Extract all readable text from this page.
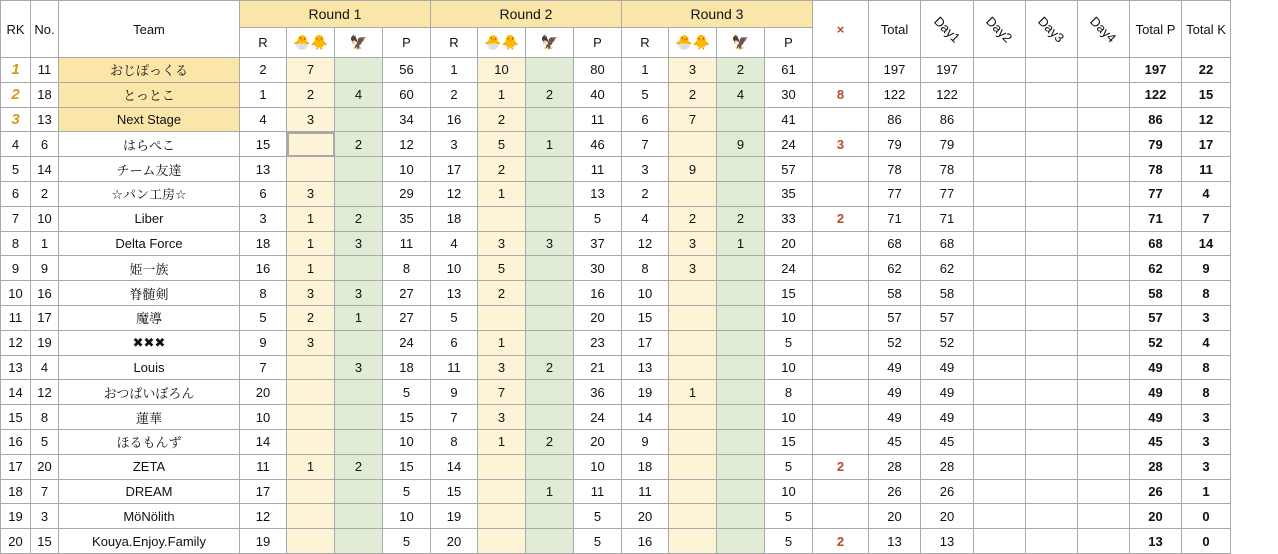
RK	No.	Team	Round 1				Round 2				Round 3				×	Total	Day1	Day2	Day3	Day4	Total P	Total K
			R	🐣🐥	🦅	P	R	🐣🐥	🦅	P	R	🐣🐥	🦅	P								
1	11	おじぽっくる	2	7		56	1	10		80	1	3	2	61		197	197				197	22
2	18	とっとこ	1	2	4	60	2	1	2	40	5	2	4	30	8	122	122				122	15
3	13	Next Stage	4	3		34	16	2		11	6	7		41		86	86				86	12
4	6	はらぺこ	15		2	12	3	5	1	46	7		9	24	3	79	79				79	17
5	14	チーム友達	13			10	17	2		11	3	9		57		78	78				78	11
6	2	☆パン工房☆	6	3		29	12	1		13	2			35		77	77				77	4
7	10	Liber	3	1	2	35	18			5	4	2	2	33	2	71	71				71	7
8	1	Delta Force	18	1	3	11	4	3	3	37	12	3	1	20		68	68				68	14
9	9	姫一族	16	1		8	10	5		30	8	3		24		62	62				62	9
10	16	脊髄剣	8	3	3	27	13	2		16	10			15		58	58				58	8
11	17	魔導	5	2	1	27	5			20	15			10		57	57				57	3
12	19	✖✖✖	9	3		24	6	1		23	17			5		52	52				52	4
13	4	Louis	7		3	18	11	3	2	21	13			10		49	49				49	8
14	12	おつぱいぼろん	20			5	9	7		36	19	1		8		49	49				49	8
15	8	蓮華	10			15	7	3		24	14			10		49	49				49	3
16	5	ほるもんず	14			10	8	1	2	20	9			15		45	45				45	3
17	20	ZETA	11	1	2	15	14			10	18			5	2	28	28				28	3
18	7	DREAM	17			5	15		1	11	11			10		26	26				26	1
19	3	MöNölith	12			10	19			5	20			5		20	20				20	0
20	15	Kouya.Enjoy.Family	19			5	20			5	16			5	2	13	13				13	0
